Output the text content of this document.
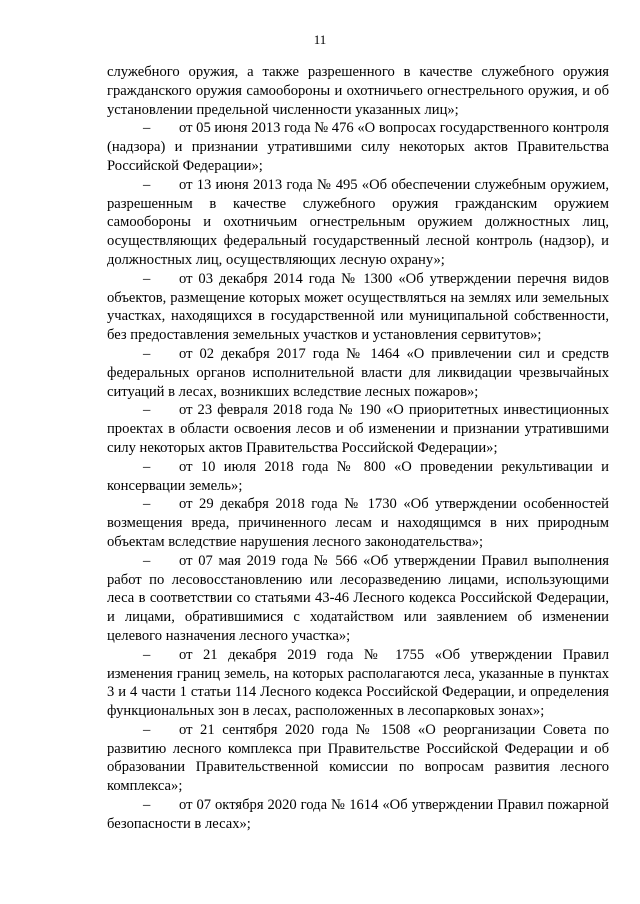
11

служебного оружия, а также разрешенного в качестве служебного оружия гражданского оружия самообороны и охотничьего огнестрельного оружия, и об установлении предельной численности указанных лиц»;

– от 05 июня 2013 года № 476 «О вопросах государственного контроля (надзора) и признании утратившими силу некоторых актов Правительства Российской Федерации»;

– от 13 июня 2013 года № 495 «Об обеспечении служебным оружием, разрешенным в качестве служебного оружия гражданским оружием самообороны и охотничьим огнестрельным оружием должностных лиц, осуществляющих федеральный государственный лесной контроль (надзор), и должностных лиц, осуществляющих лесную охрану»;

– от 03 декабря 2014 года № 1300 «Об утверждении перечня видов объектов, размещение которых может осуществляться на землях или земельных участках, находящихся в государственной или муниципальной собственности, без предоставления земельных участков и установления сервитутов»;

– от 02 декабря 2017 года № 1464 «О привлечении сил и средств федеральных органов исполнительной власти для ликвидации чрезвычайных ситуаций в лесах, возникших вследствие лесных пожаров»;

– от 23 февраля 2018 года № 190 «О приоритетных инвестиционных проектах в области освоения лесов и об изменении и признании утратившими силу некоторых актов Правительства Российской Федерации»;

– от 10 июля 2018 года № 800 «О проведении рекультивации и консервации земель»;

– от 29 декабря 2018 года № 1730 «Об утверждении особенностей возмещения вреда, причиненного лесам и находящимся в них природным объектам вследствие нарушения лесного законодательства»;

– от 07 мая 2019 года № 566 «Об утверждении Правил выполнения работ по лесовосстановлению или лесоразведению лицами, использующими леса в соответствии со статьями 43-46 Лесного кодекса Российской Федерации, и лицами, обратившимися с ходатайством или заявлением об изменении целевого назначения лесного участка»;

– от 21 декабря 2019 года № 1755 «Об утверждении Правил изменения границ земель, на которых располагаются леса, указанные в пунктах 3 и 4 части 1 статьи 114 Лесного кодекса Российской Федерации, и определения функциональных зон в лесах, расположенных в лесопарковых зонах»;

– от 21 сентября 2020 года № 1508 «О реорганизации Совета по развитию лесного комплекса при Правительстве Российской Федерации и об образовании Правительственной комиссии по вопросам развития лесного комплекса»;

– от 07 октября 2020 года № 1614 «Об утверждении Правил пожарной безопасности в лесах»;
